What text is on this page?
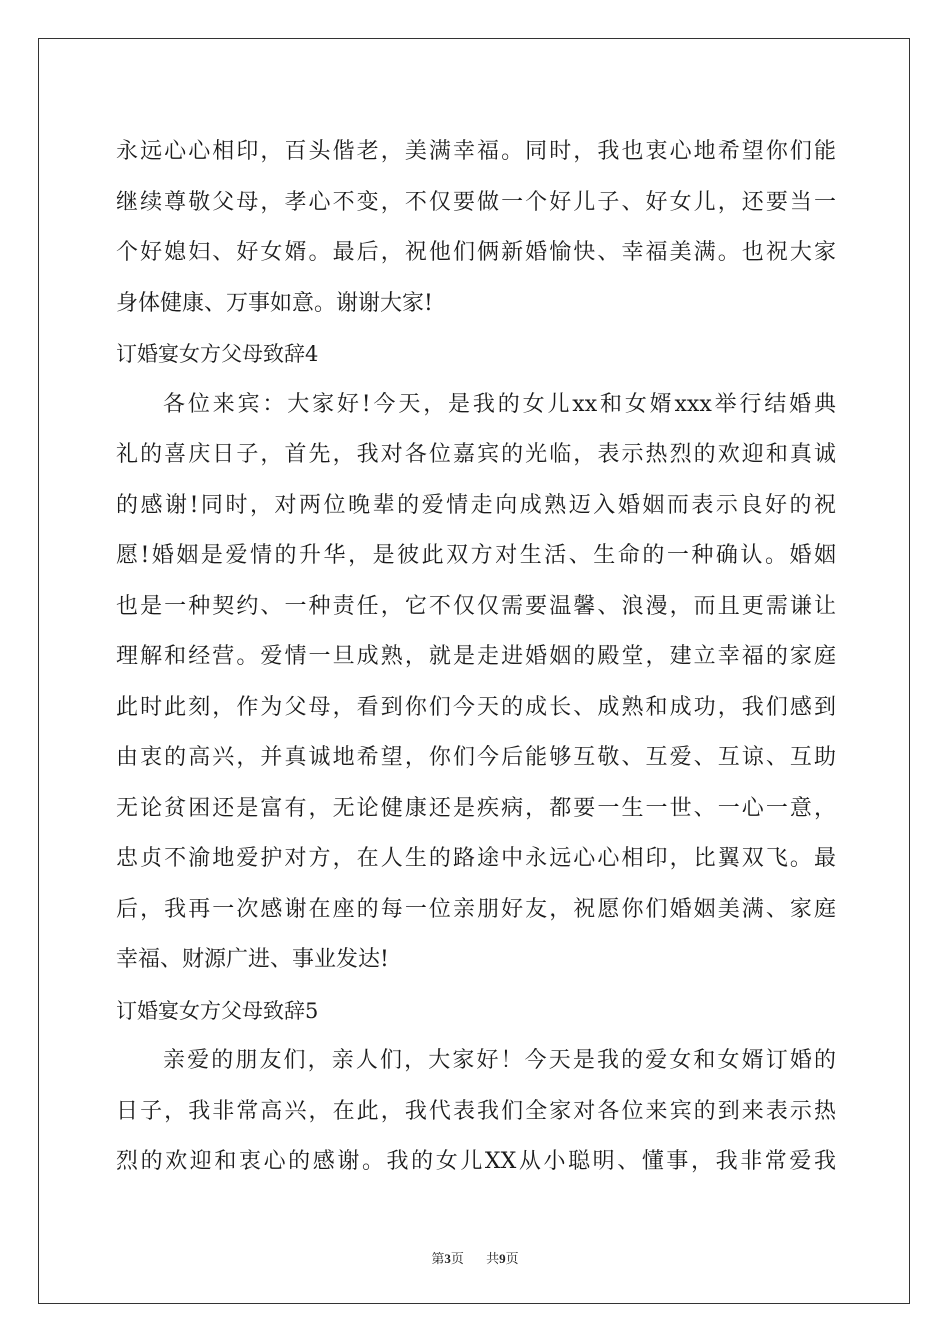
永远心心相印，百头偕老，美满幸福。同时，我也衷心地希望你们能
继续尊敬父母，孝心不变，不仅要做一个好儿子、好女儿，还要当一
个好媳妇、好女婿。最后，祝他们俩新婚愉快、幸福美满。也祝大家
身体健康、万事如意。谢谢大家!
订婚宴女方父母致辞4
各位来宾：大家好!今天，是我的女儿xx和女婿xxx举行结婚典
礼的喜庆日子，首先，我对各位嘉宾的光临，表示热烈的欢迎和真诚
的感谢!同时，对两位晚辈的爱情走向成熟迈入婚姻而表示良好的祝
愿!婚姻是爱情的升华，是彼此双方对生活、生命的一种确认。婚姻
也是一种契约、一种责任，它不仅仅需要温馨、浪漫，而且更需谦让
理解和经营。爱情一旦成熟，就是走进婚姻的殿堂，建立幸福的家庭
此时此刻，作为父母，看到你们今天的成长、成熟和成功，我们感到
由衷的高兴，并真诚地希望，你们今后能够互敬、互爱、互谅、互助
无论贫困还是富有，无论健康还是疾病，都要一生一世、一心一意，
忠贞不渝地爱护对方，在人生的路途中永远心心相印，比翼双飞。最
后，我再一次感谢在座的每一位亲朋好友，祝愿你们婚姻美满、家庭
幸福、财源广进、事业发达!
订婚宴女方父母致辞5
亲爱的朋友们，亲人们，大家好！今天是我的爱女和女婿订婚的
日子，我非常高兴，在此，我代表我们全家对各位来宾的到来表示热
烈的欢迎和衷心的感谢。我的女儿XX从小聪明、懂事，我非常爱我
第3页 共9页
